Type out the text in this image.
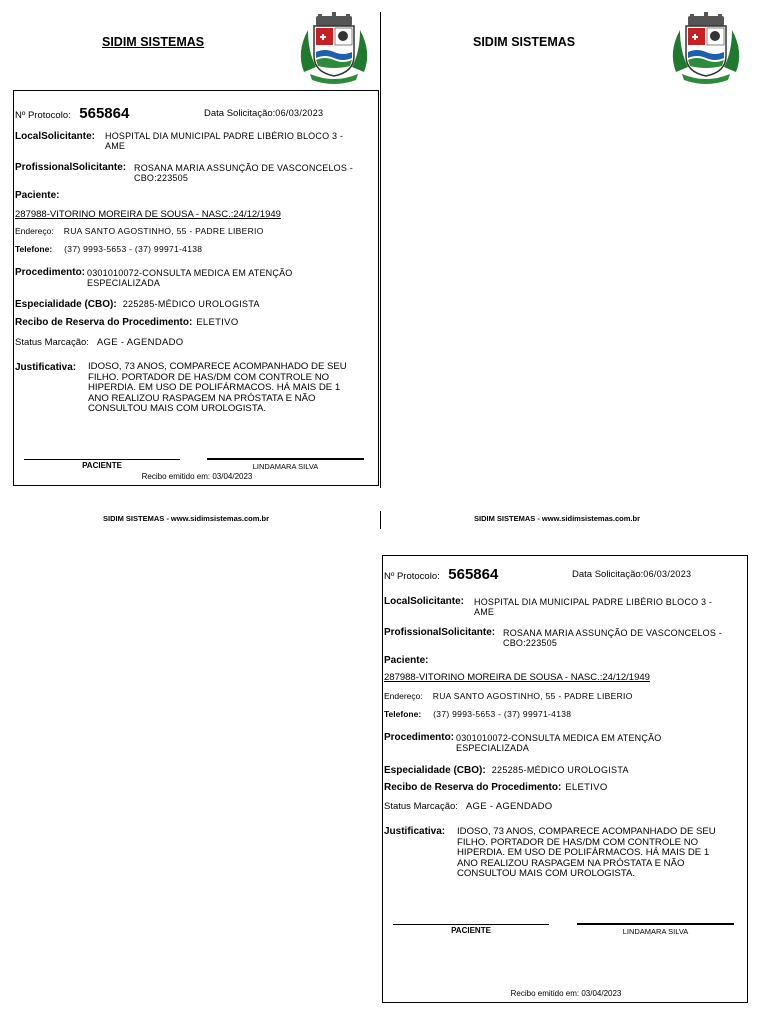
SIDIM SISTEMAS	SIDIM SISTEMAS
Nº Protocolo: 565864	Data Solicitação:06/03/2023
LocalSolicitante: HOSPITAL DIA MUNICIPAL PADRE LIBÉRIO BLOCO 3 -
AME
ProfissionalSolicitante: ROSANA MARIA ASSUNÇÃO DE VASCONCELOS -
CBO:223505
Paciente:
287988-VITORINO MOREIRA DE SOUSA - NASC.:24/12/1949
Endereço: RUA SANTO AGOSTINHO, 55 - PADRE LIBERIO
Telefone: (37) 9993-5653 - (37) 99971-4138
Procedimento: 0301010072-CONSULTA MEDICA EM ATENÇÃO
ESPECIALIZADA
Especialidade (CBO): 225285-MÉDICO UROLOGISTA
Recibo de Reserva do Procedimento: ELETIVO
Status Marcação: AGE - AGENDADO
Justificativa: IDOSO, 73 ANOS, COMPARECE ACOMPANHADO DE SEU
FILHO. PORTADOR DE HAS/DM COM CONTROLE NO
HIPERDIA. EM USO DE POLIFÁRMACOS. HÁ MAIS DE 1
ANO REALIZOU RASPAGEM NA PRÓSTATA E NÃO
CONSULTOU MAIS COM UROLOGISTA.
PACIENTE	LINDAMARA SILVA
Recibo emitido em: 03/04/2023
SIDIM SISTEMAS - www.sidimsistemas.com.br	SIDIM SISTEMAS - www.sidimsistemas.com.br
Nº Protocolo: 565864	Data Solicitação:06/03/2023
LocalSolicitante: HOSPITAL DIA MUNICIPAL PADRE LIBÉRIO BLOCO 3 -
AME
ProfissionalSolicitante: ROSANA MARIA ASSUNÇÃO DE VASCONCELOS -
CBO:223505
Paciente:
287988-VITORINO MOREIRA DE SOUSA - NASC.:24/12/1949
Endereço: RUA SANTO AGOSTINHO, 55 - PADRE LIBERIO
Telefone: (37) 9993-5653 - (37) 99971-4138
Procedimento: 0301010072-CONSULTA MEDICA EM ATENÇÃO
ESPECIALIZADA
Especialidade (CBO): 225285-MÉDICO UROLOGISTA
Recibo de Reserva do Procedimento: ELETIVO
Status Marcação: AGE - AGENDADO
Justificativa: IDOSO, 73 ANOS, COMPARECE ACOMPANHADO DE SEU
FILHO. PORTADOR DE HAS/DM COM CONTROLE NO
HIPERDIA. EM USO DE POLIFÁRMACOS. HÁ MAIS DE 1
ANO REALIZOU RASPAGEM NA PRÓSTATA E NÃO
CONSULTOU MAIS COM UROLOGISTA.
PACIENTE	LINDAMARA SILVA
Recibo emitido em: 03/04/2023
